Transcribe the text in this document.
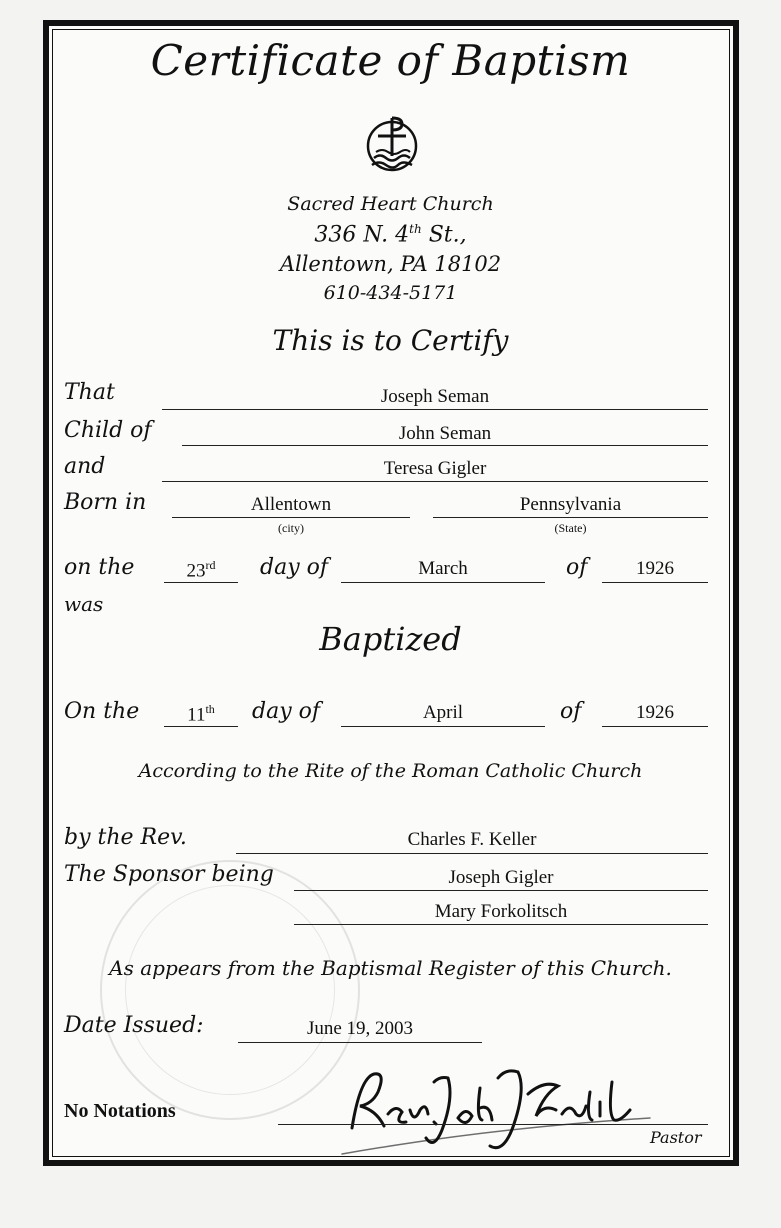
Certificate of Baptism
Sacred Heart Church
336 N. 4th St.,
Allentown, PA 18102
610-434-5171
This is to Certify
That	Joseph Seman
Child of	John Seman
and	Teresa Gigler
Born in	Allentown
(city)
Pennsylvania
(State)
on the	23rd	day of	March	of	1926
was
Baptized
On the	11th	day of	April	of	1926
According to the Rite of the Roman Catholic Church
by the Rev.	Charles F. Keller
The Sponsor being	Joseph Gigler
Mary Forkolitsch
As appears from the Baptismal Register of this Church.
Date Issued:	June 19, 2003
No Notations
Pastor
